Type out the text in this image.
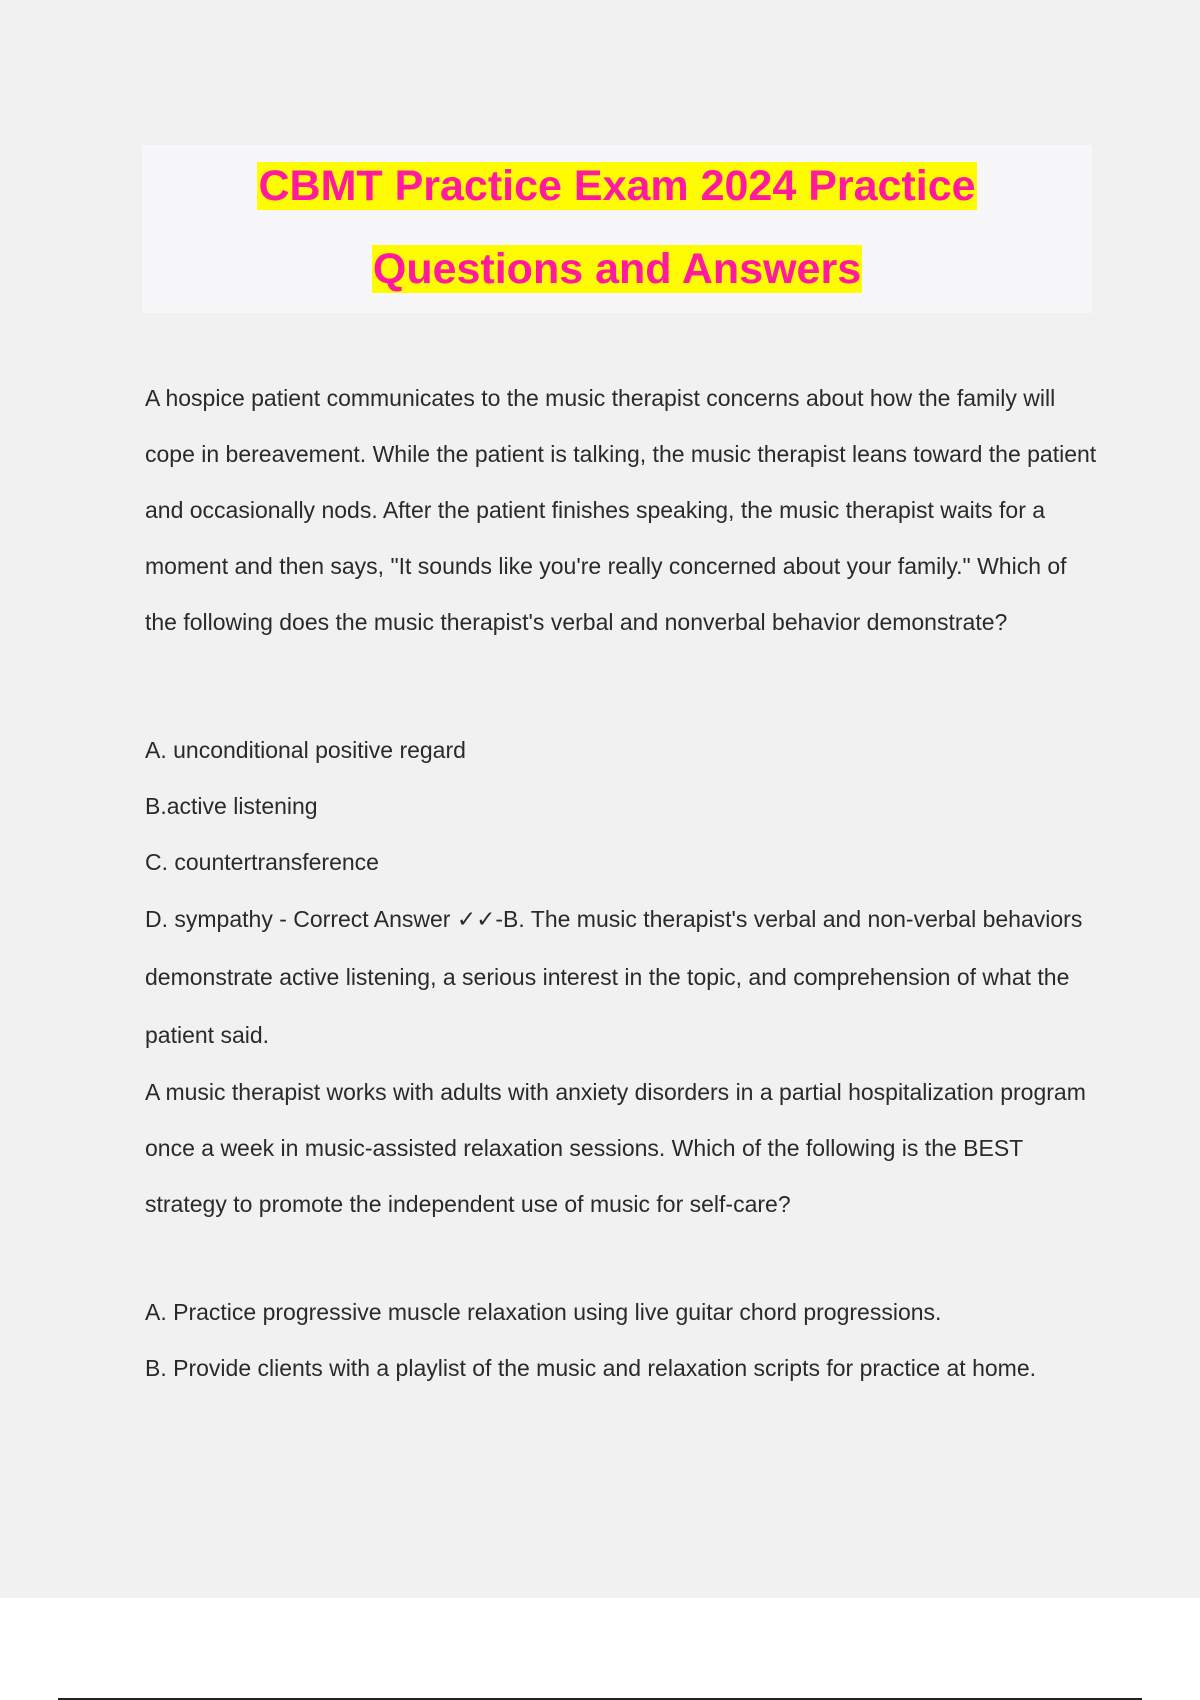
CBMT Practice Exam 2024 Practice
Questions and Answers

A hospice patient communicates to the music therapist concerns about how the family will cope in bereavement. While the patient is talking, the music therapist leans toward the patient and occasionally nods. After the patient finishes speaking, the music therapist waits for a moment and then says, "It sounds like you're really concerned about your family." Which of the following does the music therapist's verbal and nonverbal behavior demonstrate?

A. unconditional positive regard

B.active listening

C. countertransference

D. sympathy - Correct Answer ✓✓-B. The music therapist's verbal and non-verbal behaviors demonstrate active listening, a serious interest in the topic, and comprehension of what the patient said.

A music therapist works with adults with anxiety disorders in a partial hospitalization program once a week in music-assisted relaxation sessions. Which of the following is the BEST strategy to promote the independent use of music for self-care?

A. Practice progressive muscle relaxation using live guitar chord progressions.

B. Provide clients with a playlist of the music and relaxation scripts for practice at home.
